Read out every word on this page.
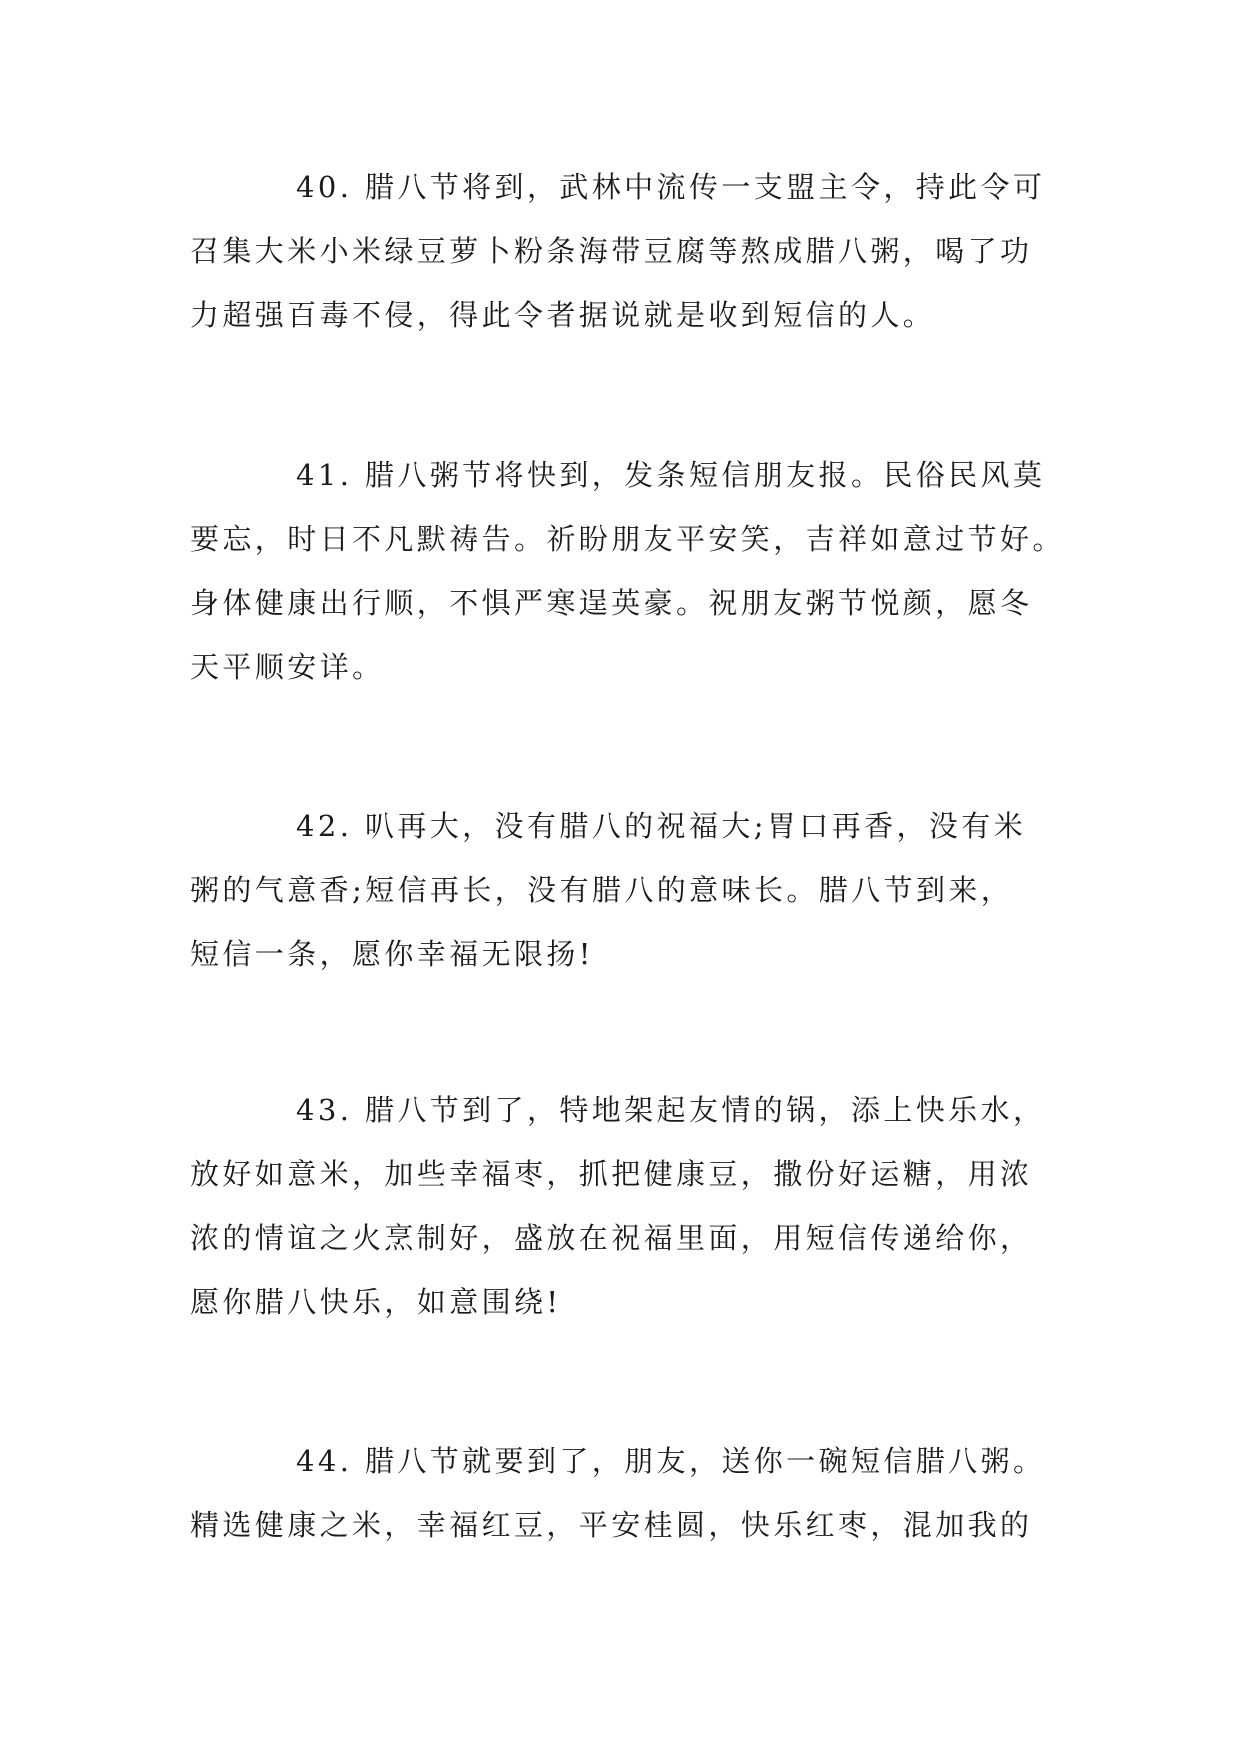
40. 腊八节将到，武林中流传一支盟主令，持此令可
召集大米小米绿豆萝卜粉条海带豆腐等熬成腊八粥，喝了功
力超强百毒不侵，得此令者据说就是收到短信的人。
41. 腊八粥节将快到，发条短信朋友报。民俗民风莫
要忘，时日不凡默祷告。祈盼朋友平安笑，吉祥如意过节好。
身体健康出行顺，不惧严寒逞英豪。祝朋友粥节悦颜，愿冬
天平顺安详。
42. 叭再大，没有腊八的祝福大;胃口再香，没有米
粥的气意香;短信再长，没有腊八的意味长。腊八节到来，
短信一条，愿你幸福无限扬!
43. 腊八节到了，特地架起友情的锅，添上快乐水，
放好如意米，加些幸福枣，抓把健康豆，撒份好运糖，用浓
浓的情谊之火烹制好，盛放在祝福里面，用短信传递给你，
愿你腊八快乐，如意围绕!
44. 腊八节就要到了，朋友，送你一碗短信腊八粥。
精选健康之米，幸福红豆，平安桂圆，快乐红枣，混加我的
